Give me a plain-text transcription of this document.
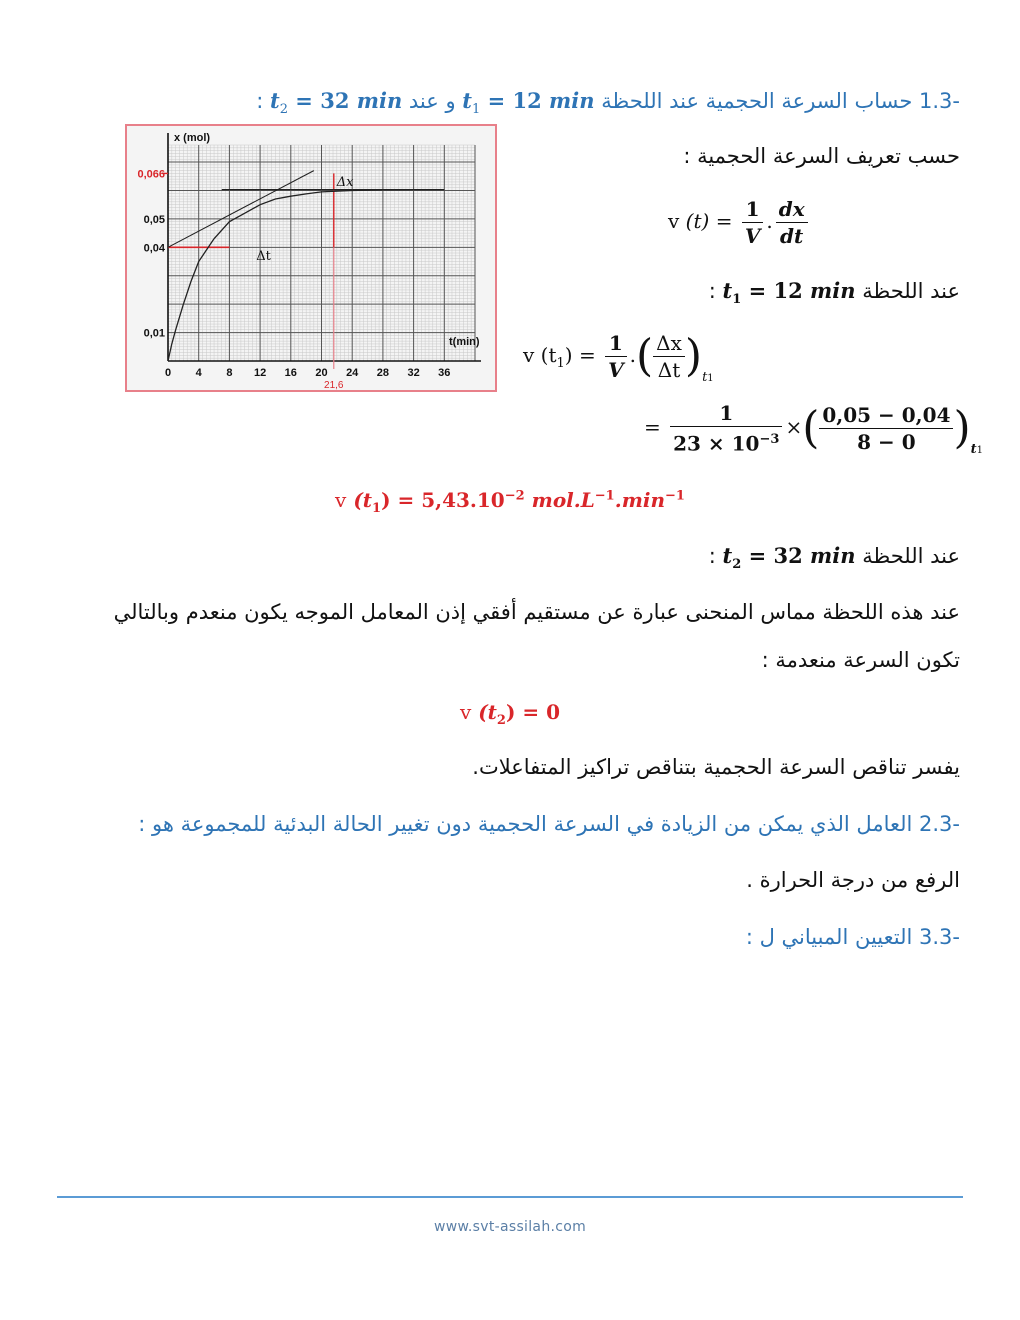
-1.3 حساب السرعة الحجمية عند اللحظة $t_1 = 12$ min و عند $t_2 = 32$ min :
x (mol)
t(min)
0 4 8 12 16 20 24 28 32 36
0,01
0,04
0,05
0,066
21,6
Δx
Δt
حسب تعريف السرعة الحجمية :
v $(t) = \frac{1}{V}$ . $\frac{dx}{dt}$
عند اللحظة $t_1 = 12$ min :
v $(t_1) = \frac{1}{V}$ .( $\frac{\Delta x}{\Delta t} )_{t1}$
= $\frac{1}{23 \times 10^{-3}}$ ×( $\frac{0,05 - 0,04}{8 - 0} )_{t1}$
v $(t_1) = 5,43.10^{-2}$ $mol.L^{-1}.\min^{-1}$
عند اللحظة $t_2 = 32$ min :
عند هذه اللحظة مماس المنحنى عبارة عن مستقيم أفقي إذن المعامل الموجه يكون منعدم وبالتالي
تكون السرعة منعدمة :
v $(t_2) = 0$
يفسر تناقص السرعة الحجمية بتناقص تراكيز المتفاعلات.
-2.3 العامل الذي يمكن من الزيادة في السرعة الحجمية دون تغيير الحالة البدئية للمجموعة هو :
الرفع من درجة الحرارة .
-3.3 التعيين المبياني ل :
www.svt-assilah.com
